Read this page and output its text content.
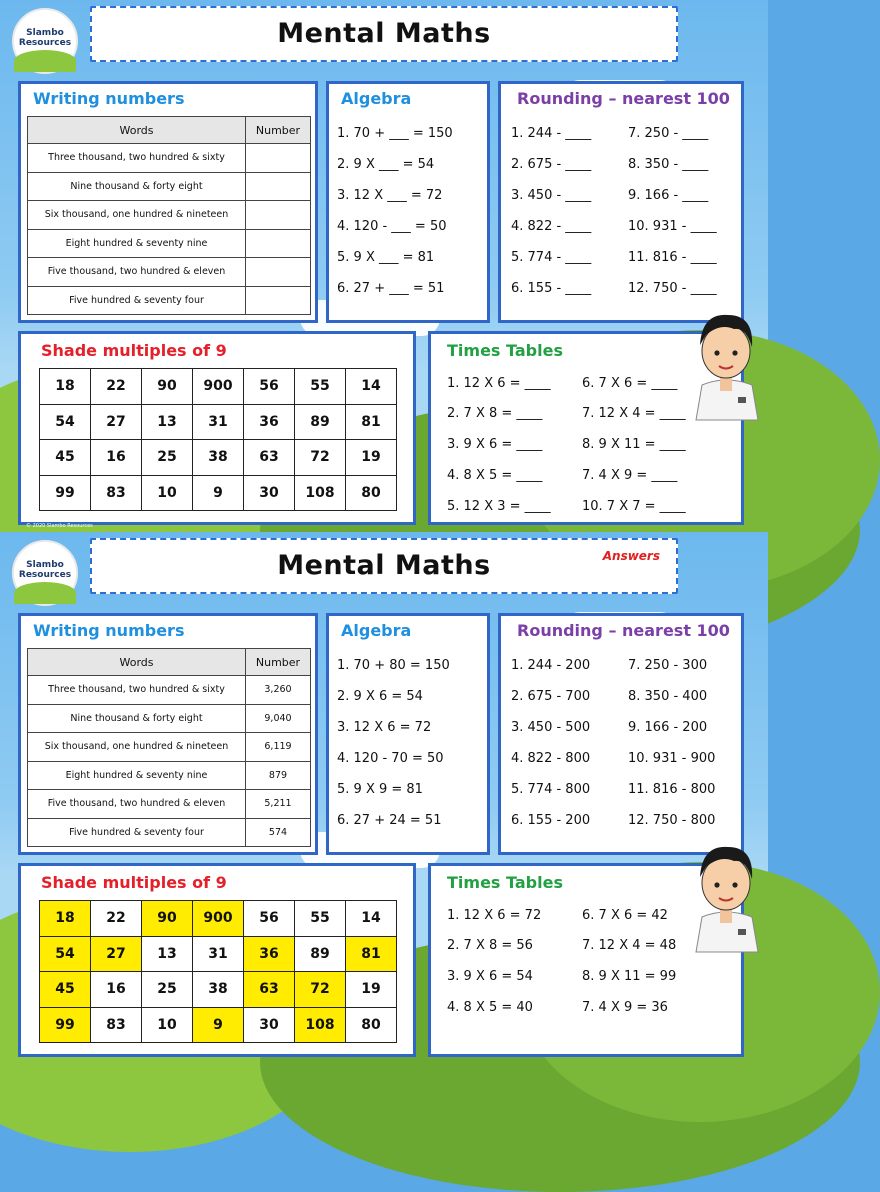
Slambo Resources	Mental Maths
Writing numbers
Words	Number
Three thousand, two hundred & sixty	
Nine thousand & forty eight	
Six thousand, one hundred & nineteen	
Eight hundred & seventy nine	
Five thousand, two hundred & eleven	
Five hundred & seventy four	
Algebra
1. 70 + ___ = 150
2. 9 X ___ = 54
3. 12 X ___ = 72
4. 120 - ___ = 50
5. 9 X ___ = 81
6. 27 + ___ = 51
Rounding – nearest 100
1. 244 - ____
2. 675 - ____
3. 450 - ____
4. 822 - ____
5. 774 - ____
6. 155 - ____
7. 250 - ____
8. 350 - ____
9. 166 - ____
10. 931 - ____
11. 816 - ____
12. 750 - ____
Shade multiples of 9
18	22	90	900	56	55	14
54	27	13	31	36	89	81
45	16	25	38	63	72	19
99	83	10	9	30	108	80
Times Tables
1. 12 X 6 = ____
2. 7 X 8 = ____
3. 9 X 6 = ____
4. 8 X 5 = ____
5. 12 X 3 = ____
6. 7 X 6 = ____
7. 12 X 4 = ____
8. 9 X 11 = ____
7. 4 X 9 = ____
10. 7 X 7 = ____
© 2020 Slambo Resources
Slambo Resources	Mental Maths	Answers
Writing numbers
Words	Number
Three thousand, two hundred & sixty	3,260
Nine thousand & forty eight	9,040
Six thousand, one hundred & nineteen	6,119
Eight hundred & seventy nine	879
Five thousand, two hundred & eleven	5,211
Five hundred & seventy four	574
Algebra
1. 70 + 80 = 150
2. 9 X 6 = 54
3. 12 X 6 = 72
4. 120 - 70 = 50
5. 9 X 9 = 81
6. 27 + 24 = 51
Rounding – nearest 100
1. 244 - 200
2. 675 - 700
3. 450 - 500
4. 822 - 800
5. 774 - 800
6. 155 - 200
7. 250 - 300
8. 350 - 400
9. 166 - 200
10. 931 - 900
11. 816 - 800
12. 750 - 800
Shade multiples of 9
18	22	90	900	56	55	14
54	27	13	31	36	89	81
45	16	25	38	63	72	19
99	83	10	9	30	108	80
Times Tables
1. 12 X 6 = 72
2. 7 X 8 = 56
3. 9 X 6 = 54
4. 8 X 5 = 40
6. 7 X 6 = 42
7. 12 X 4 = 48
8. 9 X 11 = 99
7. 4 X 9 = 36
